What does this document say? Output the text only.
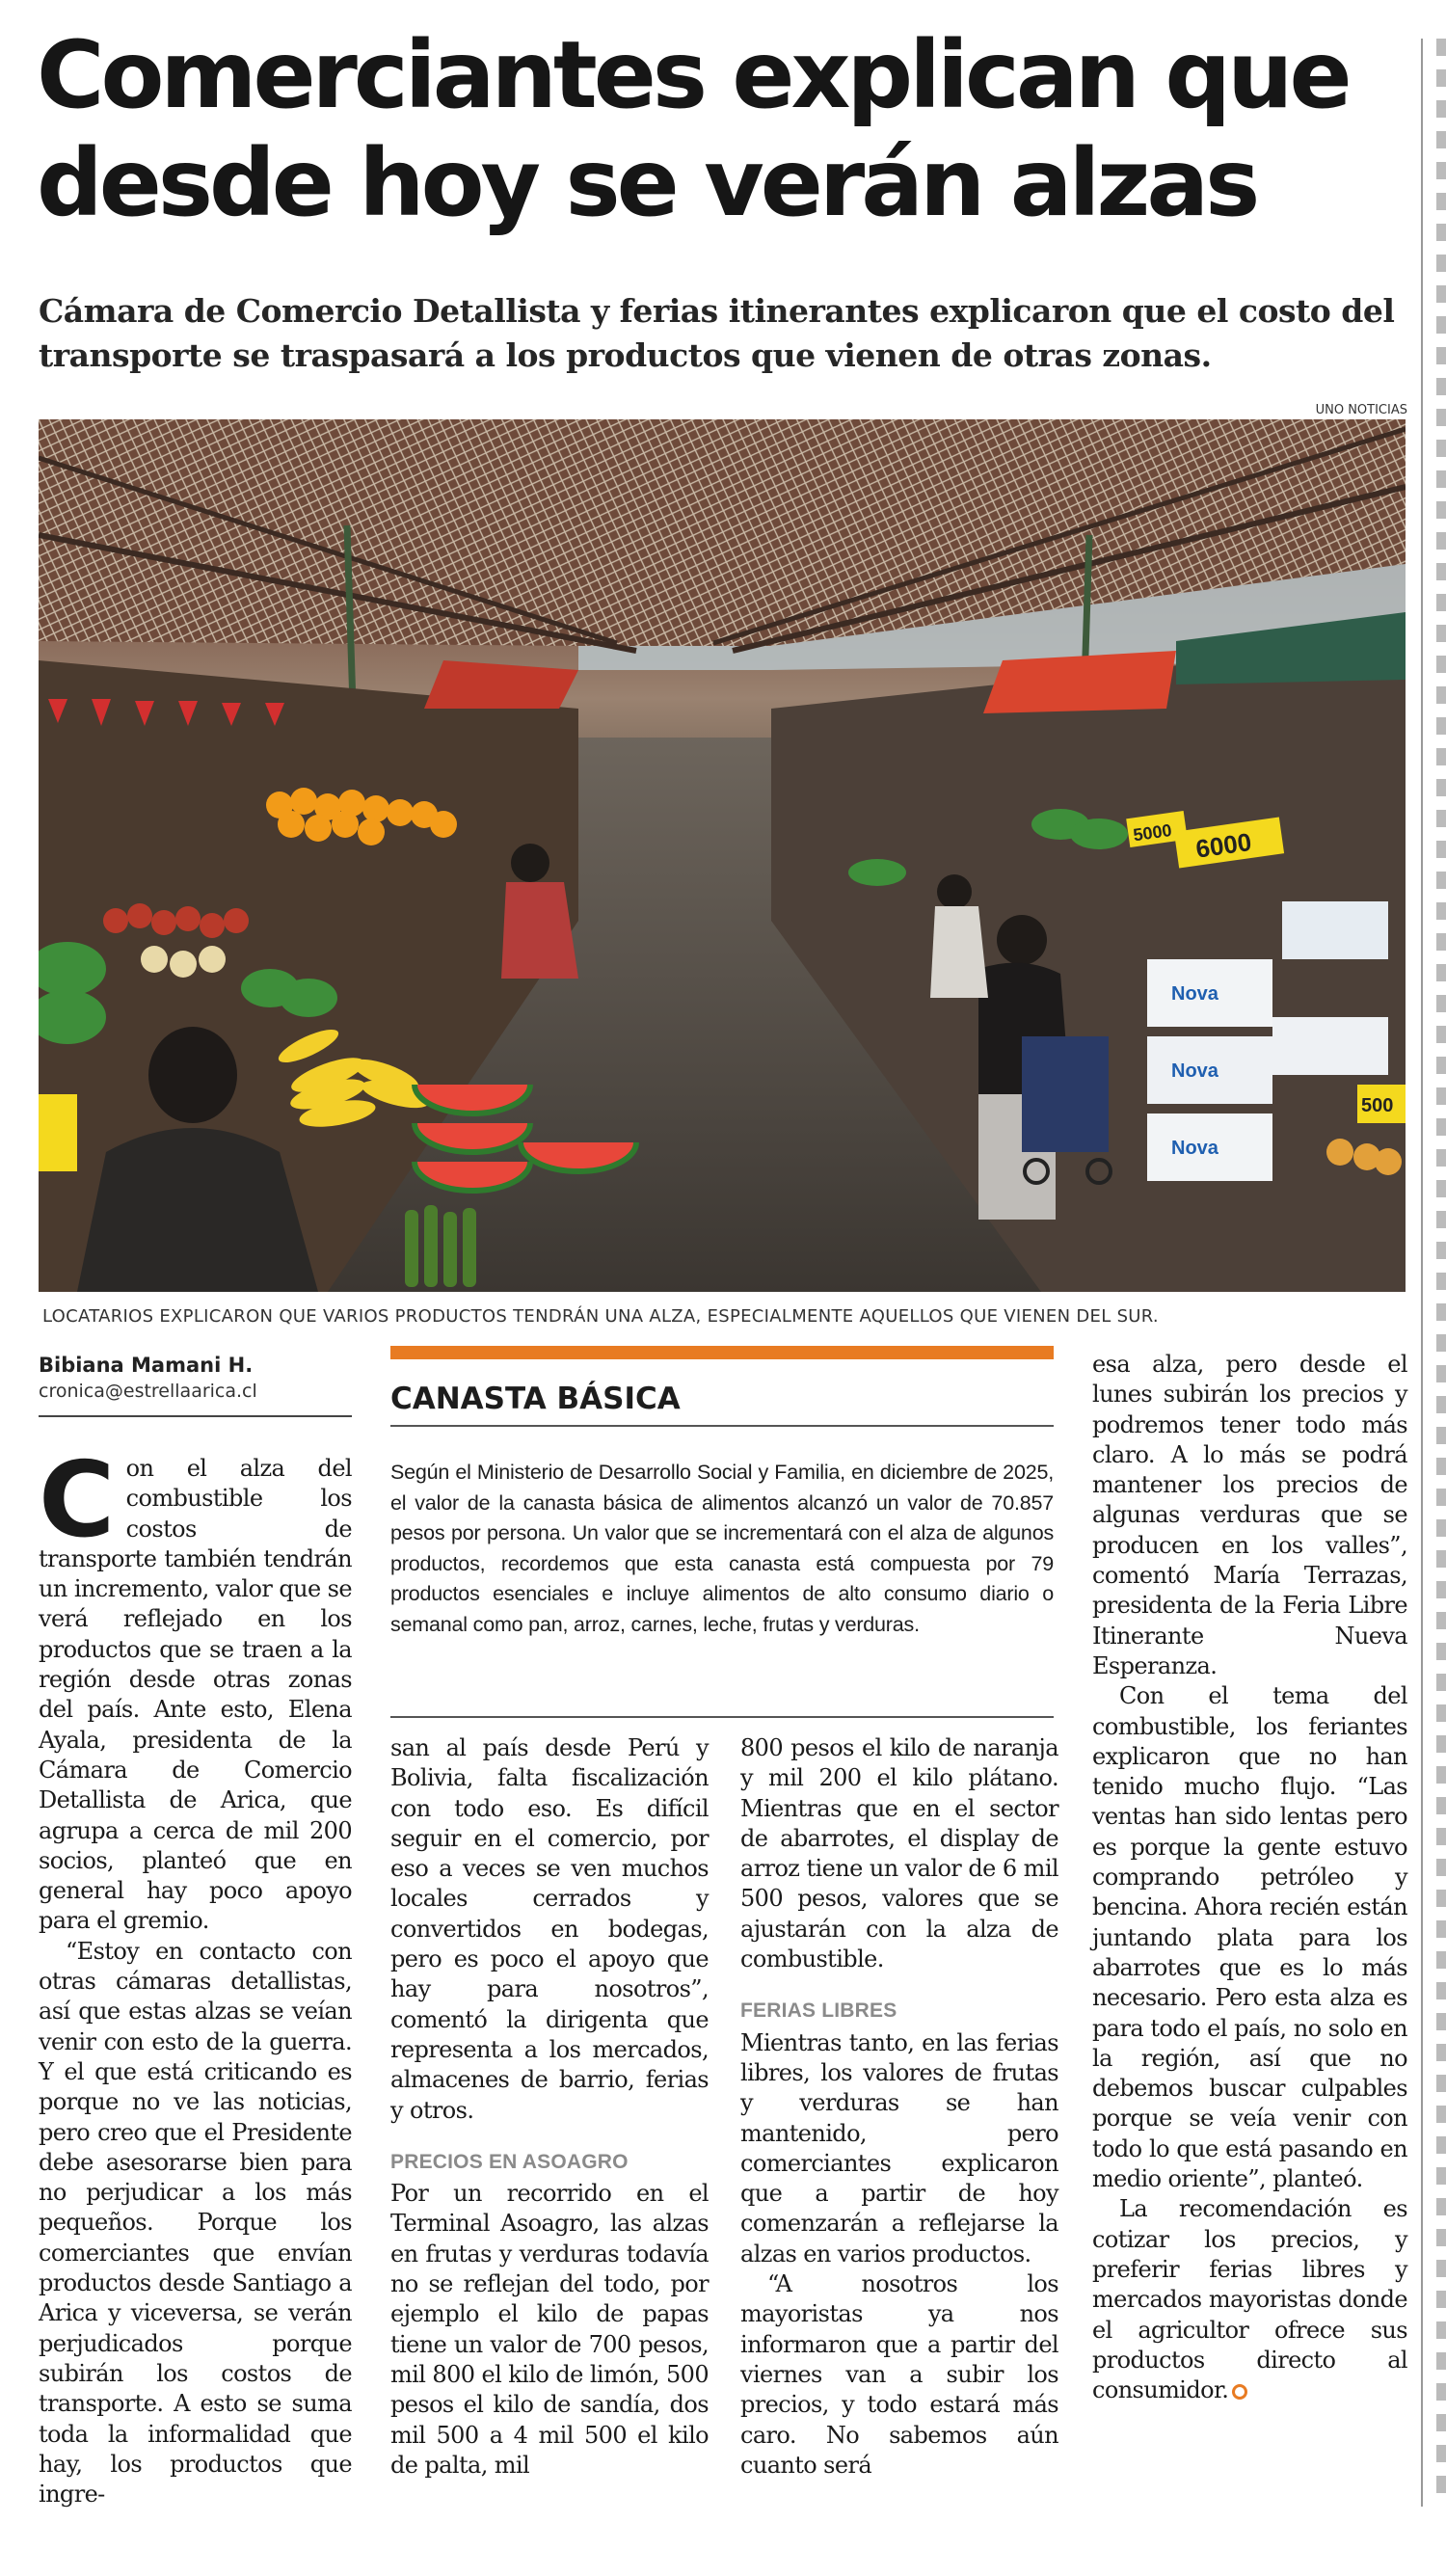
Comerciantes explican que
desde hoy se verán alzas
Cámara de Comercio Detallista y ferias itinerantes explicaron que el costo del transporte se traspasará a los productos que vienen de otras zonas.
UNO NOTICIAS
Nova
Nova
Nova
6000
5000
500
LOCATARIOS EXPLICARON QUE VARIOS PRODUCTOS TENDRÁN UNA ALZA, ESPECIALMENTE AQUELLOS QUE VIENEN DEL SUR.
Bibiana Mamani H.
cronica@estrellaarica.cl	CANASTA BÁSICA
Según el Ministerio de Desarrollo Social y Familia, en diciembre de 2025, el valor de la canasta básica de alimentos alcanzó un valor de 70.857 pesos por persona. Un valor que se incrementará con el alza de algunos productos, recordemos que esta canasta está compuesta por 79 productos esenciales e incluye alimentos de alto consumo diario o semanal como pan, arroz, carnes, leche, frutas y verduras.

Con el alza del combustible los costos de transporte también tendrán un incremento, valor que se verá reflejado en los productos que se traen a la región desde otras zonas del país. Ante esto, Elena Ayala, presidenta de la Cámara de Comercio Detallista de Arica, que agrupa a cerca de mil 200 socios, planteó que en general hay poco apoyo para el gremio.

“Estoy en contacto con otras cámaras detallistas, así que estas alzas se veían venir con esto de la guerra. Y el que está criticando es porque no ve las noticias, pero creo que el Presidente debe asesorarse bien para no perjudicar a los más pequeños. Porque los comerciantes que envían productos desde Santiago a Arica y viceversa, se verán perjudicados porque subirán los costos de transporte. A esto se suma toda la informalidad que hay, los productos que ingre-

san al país desde Perú y Bolivia, falta fiscalización con todo eso. Es difícil seguir en el comercio, por eso a veces se ven muchos locales cerrados y convertidos en bodegas, pero es poco el apoyo que hay para nosotros”, comentó la dirigenta que representa a los mercados, almacenes de barrio, ferias y otros.

PRECIOS EN ASOAGRO

Por un recorrido en el Terminal Asoagro, las alzas en frutas y verduras todavía no se reflejan del todo, por ejemplo el kilo de papas tiene un valor de 700 pesos, mil 800 el kilo de limón, 500 pesos el kilo de sandía, dos mil 500 a 4 mil 500 el kilo de palta, mil

800 pesos el kilo de naranja y mil 200 el kilo plátano. Mientras que en el sector de abarrotes, el display de arroz tiene un valor de 6 mil 500 pesos, valores que se ajustarán con la alza de combustible.

FERIAS LIBRES

Mientras tanto, en las ferias libres, los valores de frutas y verduras se han mantenido, pero comerciantes explicaron que a partir de hoy comenzarán a reflejarse la alzas en varios productos.

“A nosotros los mayoristas ya nos informaron que a partir del viernes van a subir los precios, y todo estará más caro. No sabemos aún cuanto será

esa alza, pero desde el lunes subirán los precios y podremos tener todo más claro. A lo más se podrá mantener los precios de algunas verduras que se producen en los valles”, comentó María Terrazas, presidenta de la Feria Libre Itinerante Nueva Esperanza.

Con el tema del combustible, los feriantes explicaron que no han tenido mucho flujo. “Las ventas han sido lentas pero es porque la gente estuvo comprando petróleo y bencina. Ahora recién están juntando plata para los abarrotes que es lo más necesario. Pero esta alza es para todo el país, no solo en la región, así que no debemos buscar culpables porque se veía venir con todo lo que está pasando en medio oriente”, planteó.

La recomendación es cotizar los precios, y preferir ferias libres y mercados mayoristas donde el agricultor ofrece sus productos directo al consumidor.
